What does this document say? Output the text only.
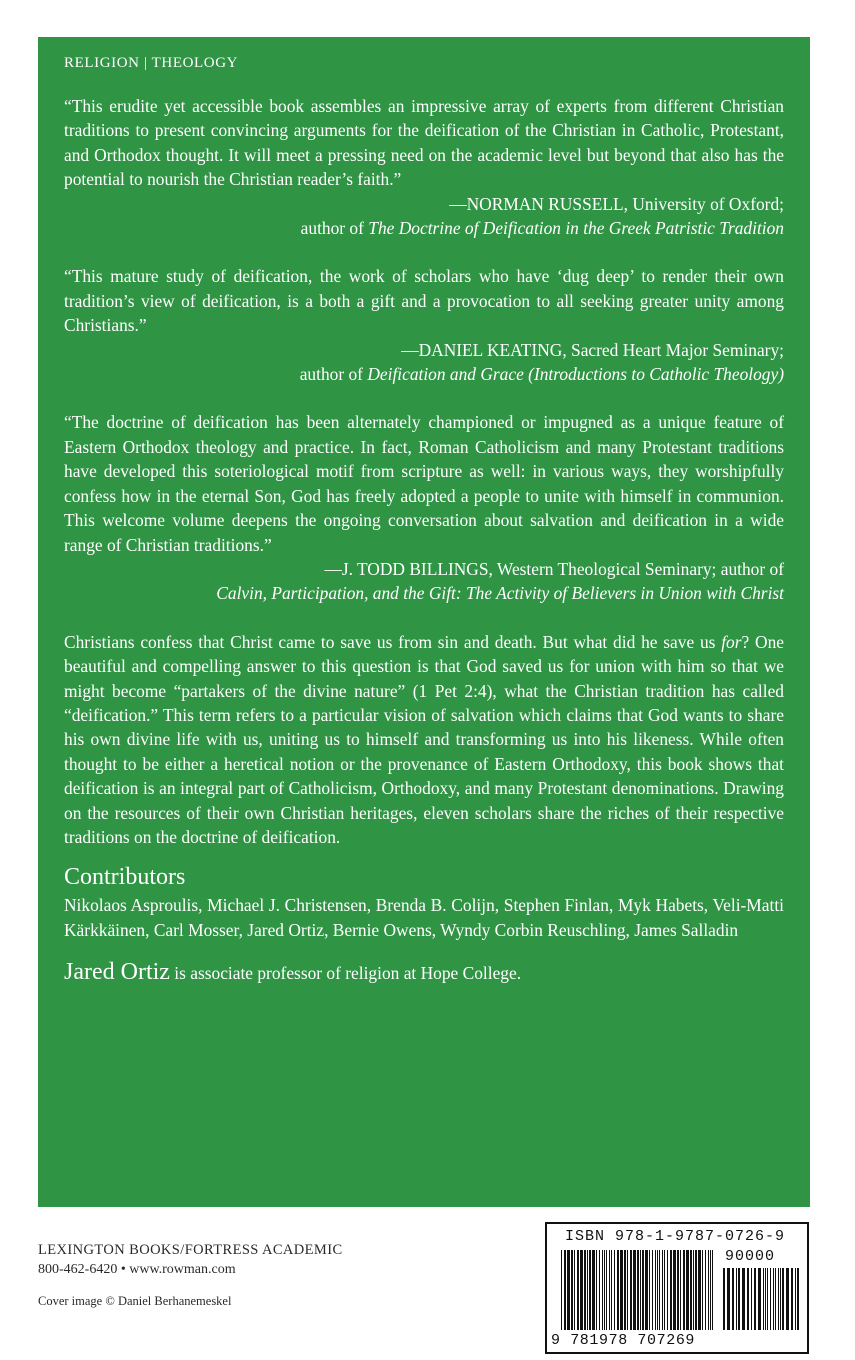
RELIGION | THEOLOGY

“This erudite yet accessible book assembles an impressive array of experts from different Christian traditions to present convincing arguments for the deification of the Christian in Catholic, Protestant, and Orthodox thought. It will meet a pressing need on the academic level but beyond that also has the potential to nourish the Christian reader’s faith.”

—NORMAN RUSSELL, University of Oxford;

author of The Doctrine of Deification in the Greek Patristic Tradition

“This mature study of deification, the work of scholars who have ‘dug deep’ to render their own tradition’s view of deification, is a both a gift and a provocation to all seeking greater unity among Christians.”

—DANIEL KEATING, Sacred Heart Major Seminary;

author of Deification and Grace (Introductions to Catholic Theology)

“The doctrine of deification has been alternately championed or impugned as a unique feature of Eastern Orthodox theology and practice. In fact, Roman Catholicism and many Protestant traditions have developed this soteriological motif from scripture as well: in various ways, they worshipfully confess how in the eternal Son, God has freely adopted a people to unite with himself in communion. This welcome volume deepens the ongoing conversation about salvation and deification in a wide range of Christian traditions.”

—J. TODD BILLINGS, Western Theological Seminary; author of

Calvin, Participation, and the Gift: The Activity of Believers in Union with Christ

Christians confess that Christ came to save us from sin and death. But what did he save us for? One beautiful and compelling answer to this question is that God saved us for union with him so that we might become “partakers of the divine nature” (1 Pet 2:4), what the Christian tradition has called “deification.” This term refers to a particular vision of salvation which claims that God wants to share his own divine life with us, uniting us to himself and transforming us into his likeness. While often thought to be either a heretical notion or the provenance of Eastern Orthodoxy, this book shows that deification is an integral part of Catholicism, Orthodoxy, and many Protestant denominations. Drawing on the resources of their own Christian heritages, eleven scholars share the riches of their respective traditions on the doctrine of deification.

Contributors

Nikolaos Asproulis, Michael J. Christensen, Brenda B. Colijn, Stephen Finlan, Myk Habets, Veli-Matti Kärkkäinen, Carl Mosser, Jared Ortiz, Bernie Owens, Wyndy Corbin Reuschling, James Salladin

Jared Ortiz is associate professor of religion at Hope College.

LEXINGTON BOOKS/FORTRESS ACADEMIC

800-462-6420 • www.rowman.com

Cover image © Daniel Berhanemeskel

ISBN 978-1-9787-0726-9
90000
9 781978 707269
